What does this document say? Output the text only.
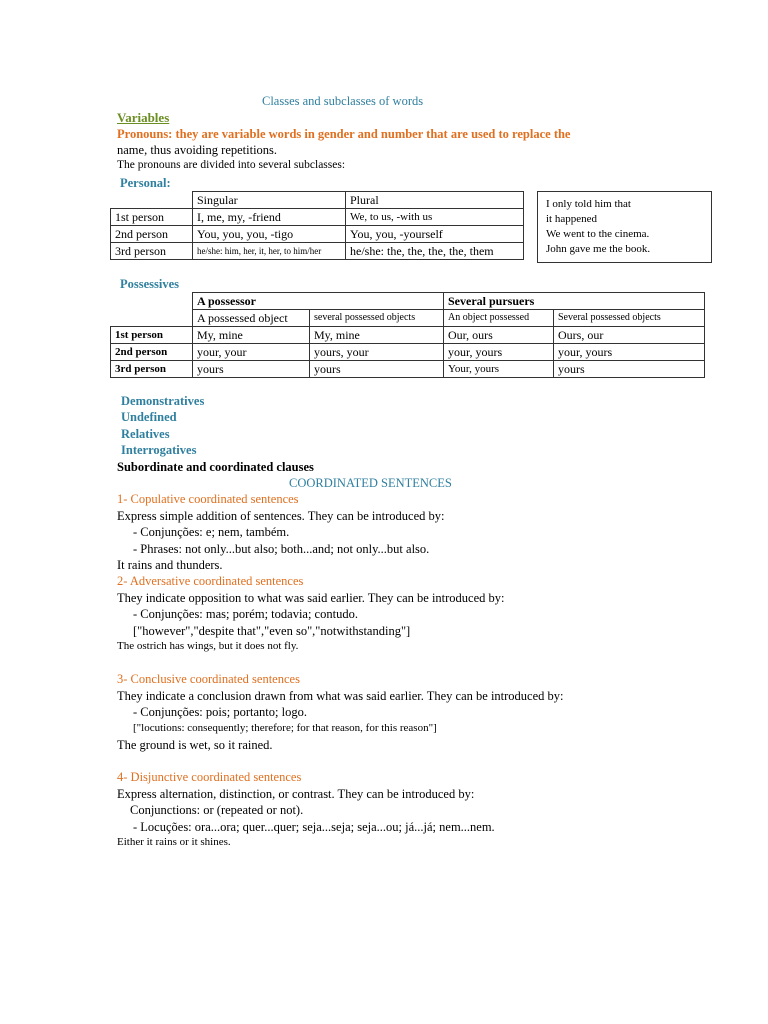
Classes and subclasses of words
Variables
Pronouns: they are variable words in gender and number that are used to replace the
name, thus avoiding repetitions.
The pronouns are divided into several subclasses:
Personal:
	Singular	Plural
1st person	I, me, my, -friend	We, to us, -with us
2nd person	You, you, you, -tigo	You, you, -yourself
3rd person	he/she: him, her, it, her, to him/her	he/she: the, the, the, the, them
I only told him that
it happened
We went to the cinema.
John gave me the book.
Possessives
	A possessor		Several pursuers	
	A possessed object	several possessed objects	An object possessed	Several possessed objects
1st person	My, mine	My, mine	Our, ours	Ours, our
2nd person	your, your	yours, your	your, yours	your, yours
3rd person	yours	yours	Your, yours	yours
Demonstratives
Undefined
Relatives
Interrogatives
Subordinate and coordinated clauses
COORDINATED SENTENCES
1- Copulative coordinated sentences
Express simple addition of sentences. They can be introduced by:
- Conjunções: e; nem, também.
- Phrases: not only...but also; both...and; not only...but also.
It rains and thunders.
2- Adversative coordinated sentences
They indicate opposition to what was said earlier. They can be introduced by:
- Conjunções: mas; porém; todavia; contudo.
["however","despite that","even so","notwithstanding"]
The ostrich has wings, but it does not fly.
3- Conclusive coordinated sentences
They indicate a conclusion drawn from what was said earlier. They can be introduced by:
- Conjunções: pois; portanto; logo.
["locutions: consequently; therefore; for that reason, for this reason"]
The ground is wet, so it rained.
4- Disjunctive coordinated sentences
Express alternation, distinction, or contrast. They can be introduced by:
Conjunctions: or (repeated or not).
- Locuções: ora...ora; quer...quer; seja...seja; seja...ou; já...já; nem...nem.
Either it rains or it shines.
